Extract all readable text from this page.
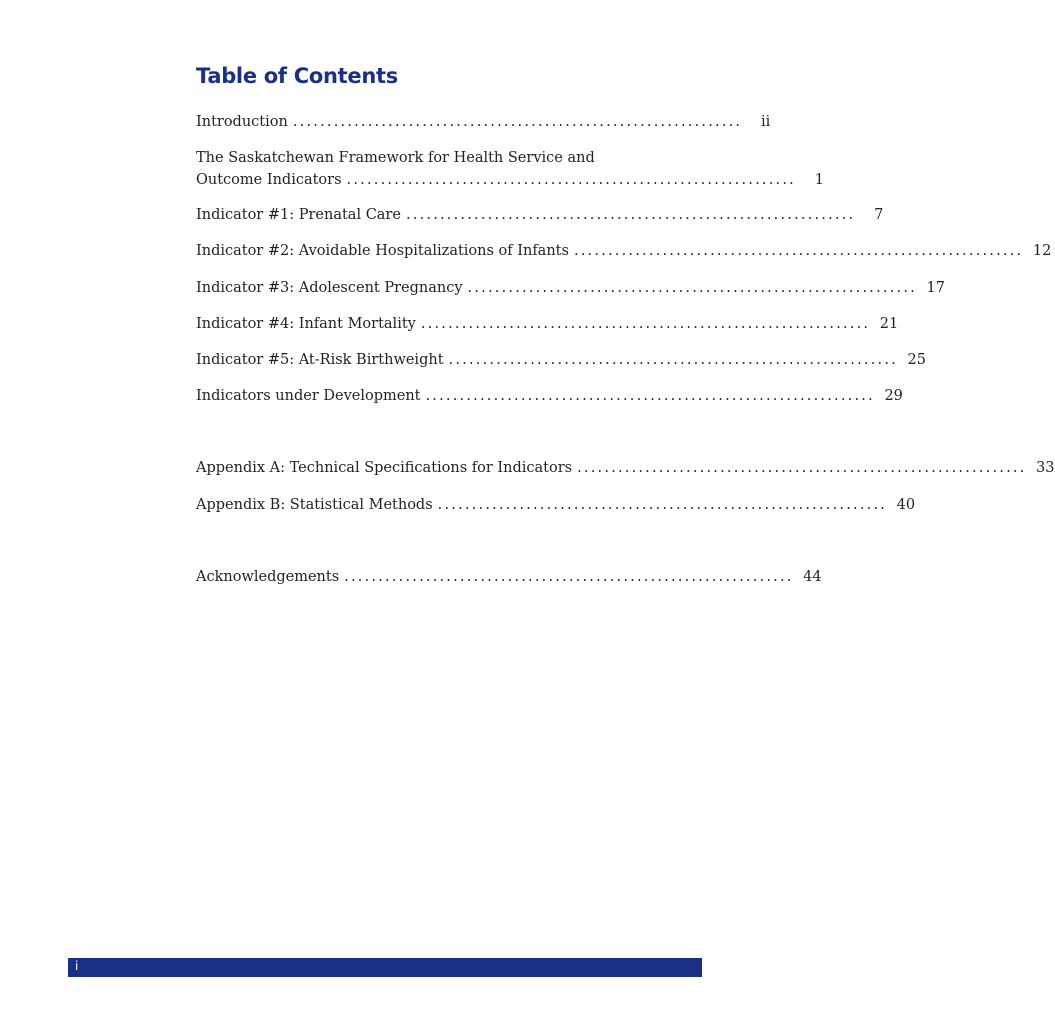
Table of Contents
Introduction ..................................................................	ii
The Saskatchewan Framework for Health Service and
Outcome Indicators ..................................................................	1
Indicator #1: Prenatal Care ..................................................................	7
Indicator #2: Avoidable Hospitalizations of Infants .................................................................. 12
Indicator #3: Adolescent Pregnancy .................................................................. 17
Indicator #4: Infant Mortality .................................................................. 21
Indicator #5: At-Risk Birthweight .................................................................. 25
Indicators under Development .................................................................. 29
Appendix A: Technical Specifications for Indicators .................................................................. 33
Appendix B: Statistical Methods .................................................................. 40
Acknowledgements .................................................................. 44
i
